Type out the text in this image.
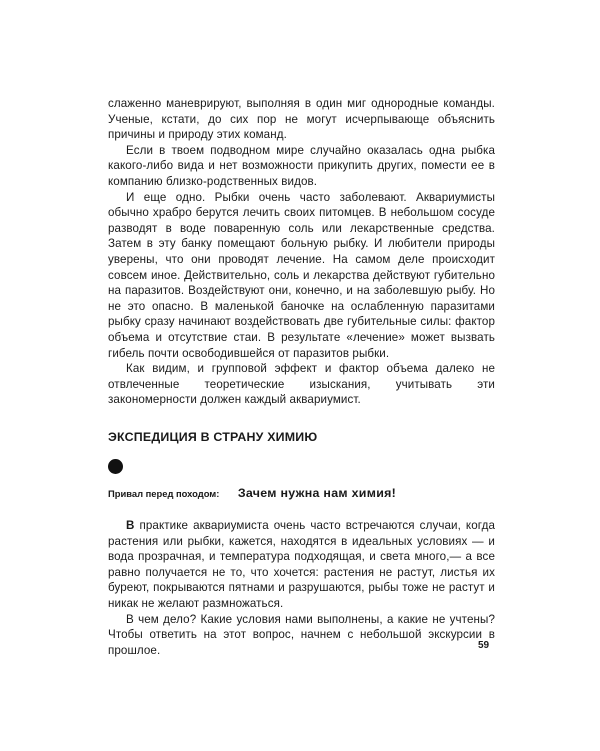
слаженно маневрируют, выполняя в один миг однородные команды. Ученые, кстати, до сих пор не могут исчерпывающе объяснить причины и природу этих команд.

Если в твоем подводном мире случайно оказалась одна рыбка какого-либо вида и нет возможности прикупить других, помести ее в компанию близко-родственных видов.

И еще одно. Рыбки очень часто заболевают. Аквариумисты обычно храбро берутся лечить своих питомцев. В небольшом сосуде разводят в воде поваренную соль или лекарственные средства. Затем в эту банку помещают больную рыбку. И любители природы уверены, что они проводят лечение. На самом деле происходит совсем иное. Действительно, соль и лекарства действуют губительно на паразитов. Воздействуют они, конечно, и на заболевшую рыбу. Но не это опасно. В маленькой баночке на ослабленную паразитами рыбку сразу начинают воздействовать две губительные силы: фактор объема и отсутствие стаи. В результате «лечение» может вызвать гибель почти освободившейся от паразитов рыбки.

Как видим, и групповой эффект и фактор объема далеко не отвлеченные теоретические изыскания, учитывать эти закономерности должен каждый аквариумист.

ЭКСПЕДИЦИЯ В СТРАНУ ХИМИЮ
Привал перед походом: Зачем нужна нам химия!

В практике аквариумиста очень часто встречаются случаи, когда растения или рыбки, кажется, находятся в идеальных условиях — и вода прозрачная, и температура подходящая, и света много,— а все равно получается не то, что хочется: растения не растут, листья их буреют, покрываются пятнами и разрушаются, рыбы тоже не растут и никак не желают размножаться.

В чем дело? Какие условия нами выполнены, а какие не учтены? Чтобы ответить на этот вопрос, начнем с небольшой экскурсии в прошлое.	59
